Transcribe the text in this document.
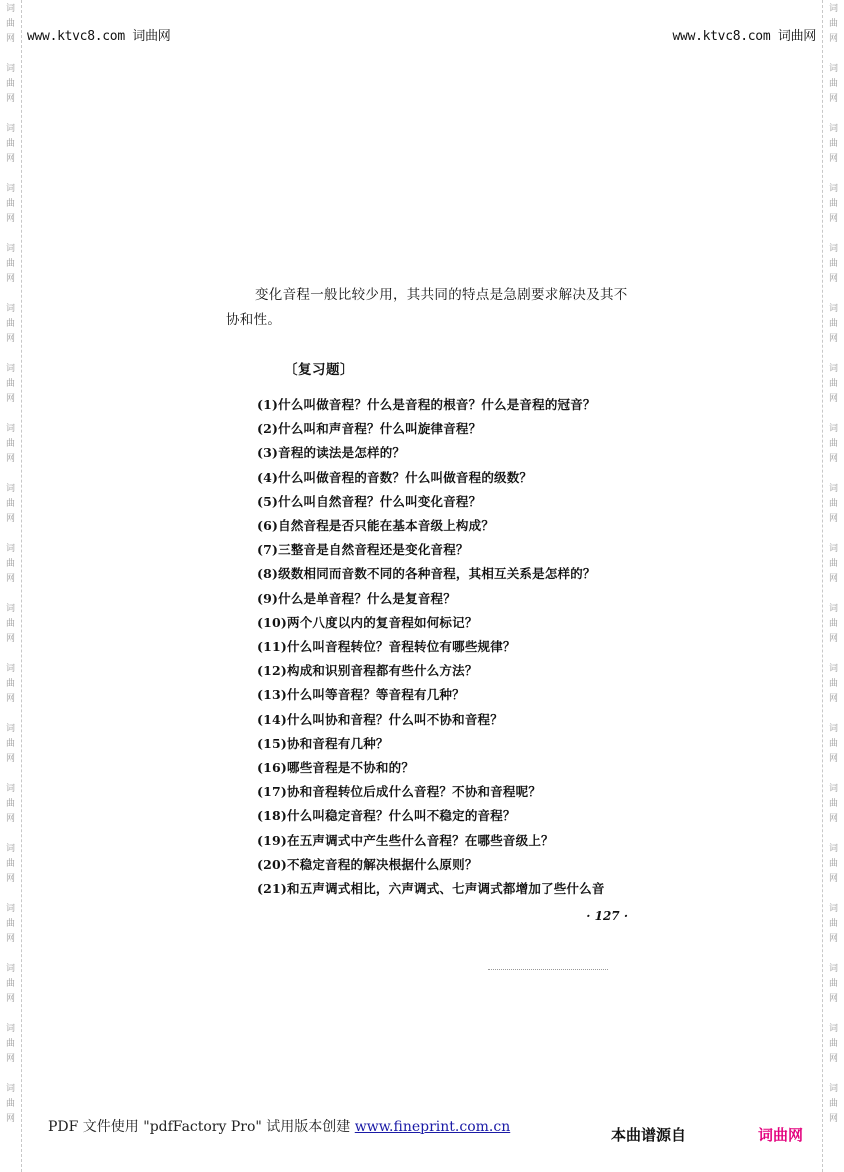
词
曲
网
词
曲
网
词
曲
网
词
曲
网
词
曲
网
词
曲
网
词
曲
网
词
曲
网
词
曲
网
词
曲
网
词
曲
网
词
曲
网
词
曲
网
词
曲
网
词
曲
网
词
曲
网
词
曲
网
词
曲
网
词
曲
网
词
曲
网
词
曲
网
词
曲
网
词
曲
网
词
曲
网
词
曲
网
词
曲
网
词
曲
网
词
曲
网
词
曲
网
词
曲
网
词
曲
网
词
曲
网
词
曲
网
词
曲
网
词
曲
网
词
曲
网
词
曲
网
词
曲
网
www.ktvc8.com 词曲网	www.ktvc8.com 词曲网

变化音程一般比较少用，其共同的特点是急剧要求解决及其不协和性。

〔复习题〕
(1)什么叫做音程？什么是音程的根音？什么是音程的冠音？
(2)什么叫和声音程？什么叫旋律音程？
(3)音程的读法是怎样的？
(4)什么叫做音程的音数？什么叫做音程的级数？
(5)什么叫自然音程？什么叫变化音程？
(6)自然音程是否只能在基本音级上构成？
(7)三整音是自然音程还是变化音程？
(8)级数相同而音数不同的各种音程，其相互关系是怎样的？
(9)什么是单音程？什么是复音程？
(10)两个八度以内的复音程如何标记？
(11)什么叫音程转位？音程转位有哪些规律？
(12)构成和识别音程都有些什么方法？
(13)什么叫等音程？等音程有几种？
(14)什么叫协和音程？什么叫不协和音程？
(15)协和音程有几种？
(16)哪些音程是不协和的？
(17)协和音程转位后成什么音程？不协和音程呢？
(18)什么叫稳定音程？什么叫不稳定的音程？
(19)在五声调式中产生些什么音程？在哪些音级上？
(20)不稳定音程的解决根据什么原则？
(21)和五声调式相比，六声调式、七声调式都增加了些什么音
· 127 ·
PDF 文件使用 "pdfFactory Pro" 试用版本创建 www.fineprint.com.cn	本曲谱源自	词曲网
